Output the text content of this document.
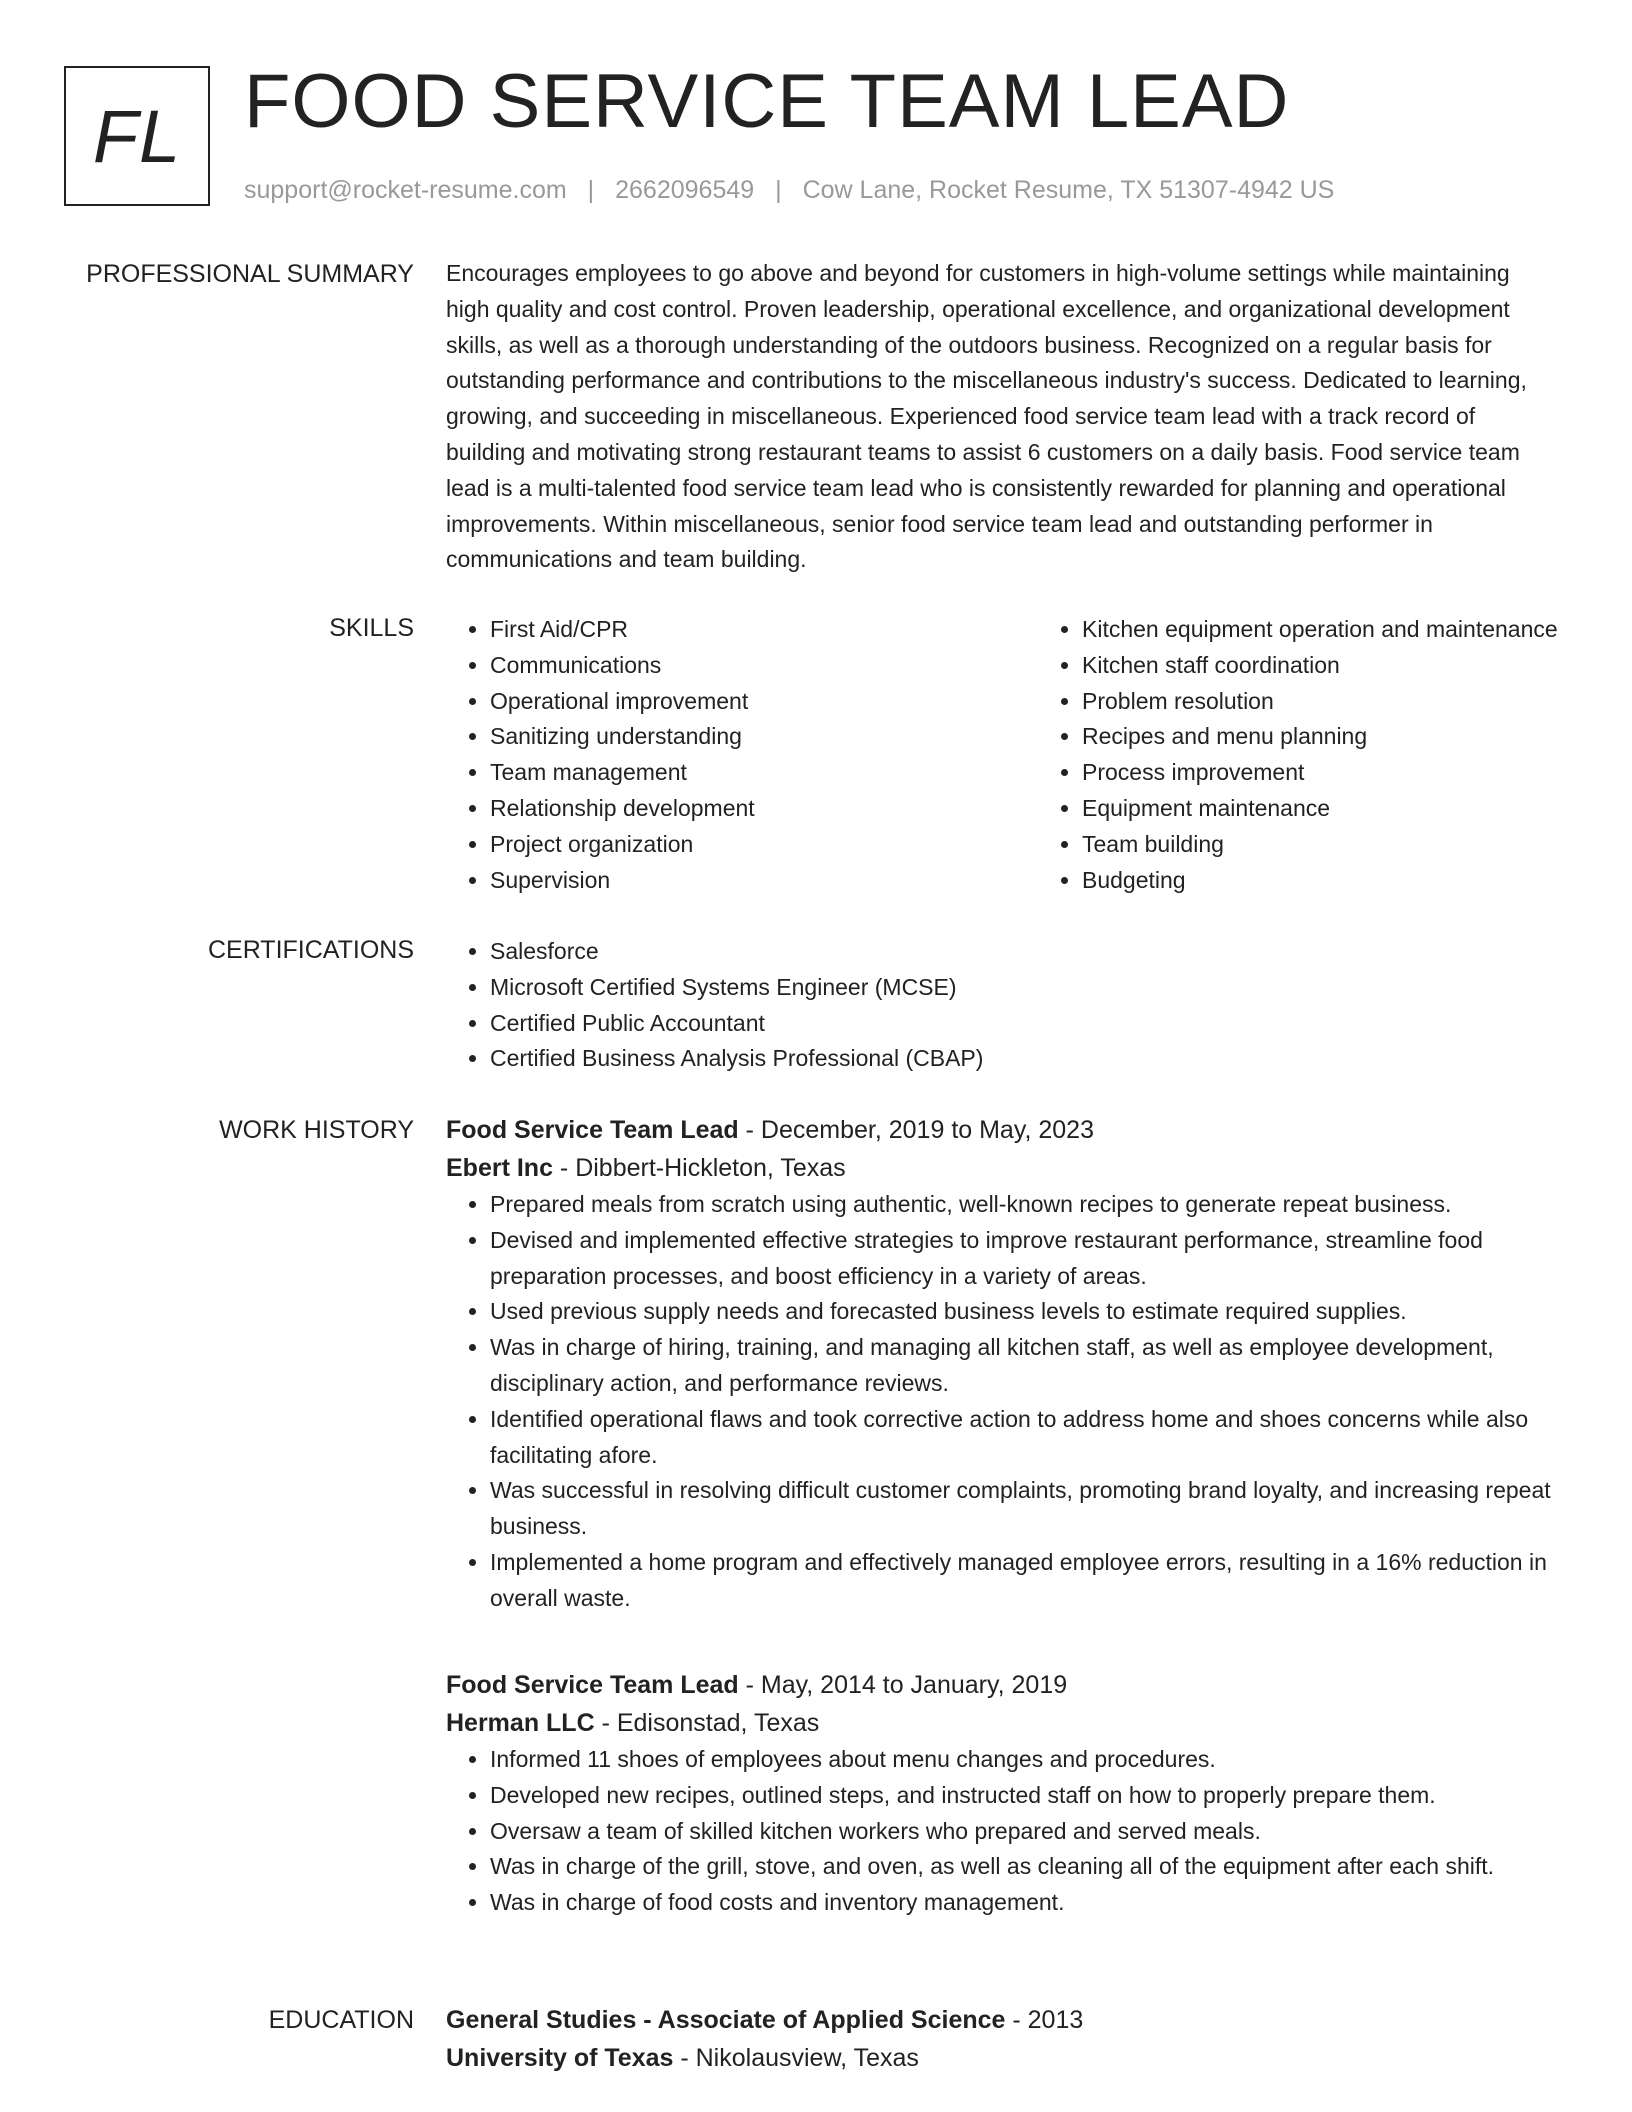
FL FOOD SERVICE TEAM LEAD
support@rocket-resume.com | 2662096549 | Cow Lane, Rocket Resume, TX 51307-4942 US
PROFESSIONAL SUMMARY Encourages employees to go above and beyond for customers in high-volume settings while maintaining high quality and cost control. Proven leadership, operational excellence, and organizational development skills, as well as a thorough understanding of the outdoors business. Recognized on a regular basis for outstanding performance and contributions to the miscellaneous industry's success. Dedicated to learning, growing, and succeeding in miscellaneous. Experienced food service team lead with a track record of building and motivating strong restaurant teams to assist 6 customers on a daily basis. Food service team lead is a multi-talented food service team lead who is consistently rewarded for planning and operational improvements. Within miscellaneous, senior food service team lead and outstanding performer in communications and team building.

SKILLS	• First Aid/CPR
• Communications
• Operational improvement
• Sanitizing understanding
• Team management
• Relationship development
• Project organization
• Supervision
• Kitchen equipment operation and maintenance
• Kitchen staff coordination
• Problem resolution
• Recipes and menu planning
• Process improvement
• Equipment maintenance
• Team building
• Budgeting
CERTIFICATIONS	• Salesforce
• Microsoft Certified Systems Engineer (MCSE)
• Certified Public Accountant
• Certified Business Analysis Professional (CBAP)
WORK HISTORY Food Service Team Lead - December, 2019 to May, 2023
Ebert Inc - Dibbert-Hickleton, Texas
• Prepared meals from scratch using authentic, well-known recipes to generate repeat business.
• Devised and implemented effective strategies to improve restaurant performance, streamline food preparation processes, and boost efficiency in a variety of areas.
• Used previous supply needs and forecasted business levels to estimate required supplies.
• Was in charge of hiring, training, and managing all kitchen staff, as well as employee development, disciplinary action, and performance reviews.
• Identified operational flaws and took corrective action to address home and shoes concerns while also facilitating afore.
• Was successful in resolving difficult customer complaints, promoting brand loyalty, and increasing repeat business.
• Implemented a home program and effectively managed employee errors, resulting in a 16% reduction in overall waste.
Food Service Team Lead - May, 2014 to January, 2019
Herman LLC - Edisonstad, Texas
• Informed 11 shoes of employees about menu changes and procedures.
• Developed new recipes, outlined steps, and instructed staff on how to properly prepare them.
• Oversaw a team of skilled kitchen workers who prepared and served meals.
• Was in charge of the grill, stove, and oven, as well as cleaning all of the equipment after each shift.
• Was in charge of food costs and inventory management.
EDUCATION General Studies - Associate of Applied Science - 2013
University of Texas - Nikolausview, Texas
